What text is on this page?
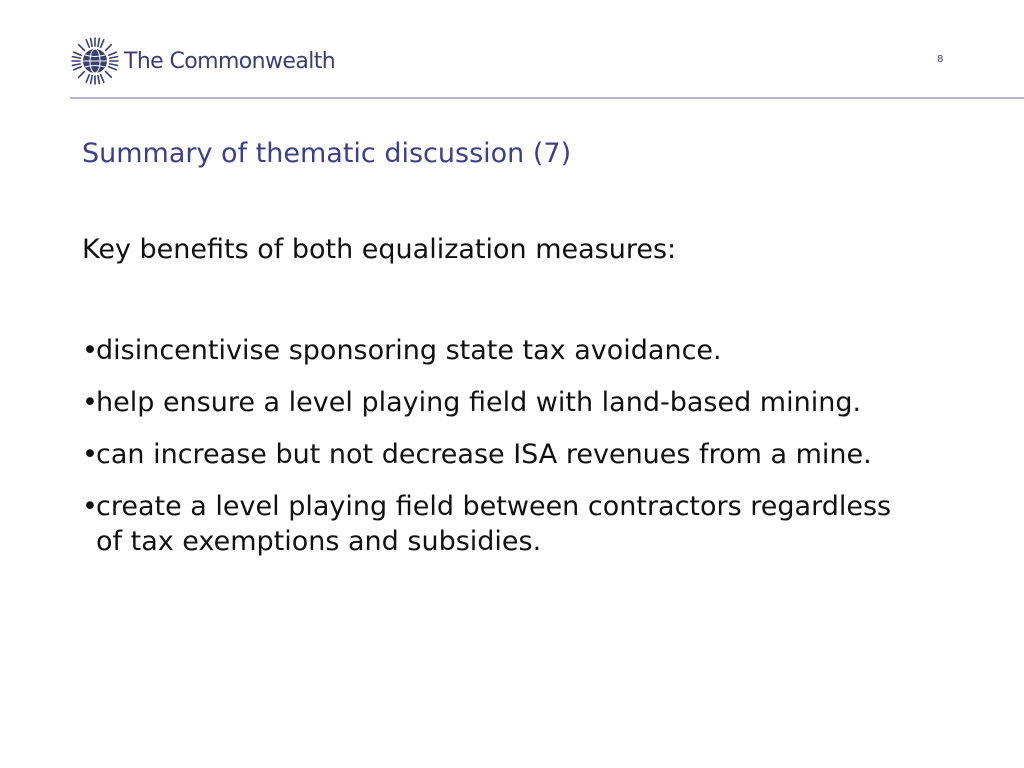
The Commonwealth	8
Summary of thematic discussion (7)
Key benefits of both equalization measures:
•
disincentivise sponsoring state tax avoidance.
•
help ensure a level playing field with land-based mining.
•
can increase but not decrease ISA revenues from a mine.
•
create a level playing field between contractors regardless of tax exemptions and subsidies.
